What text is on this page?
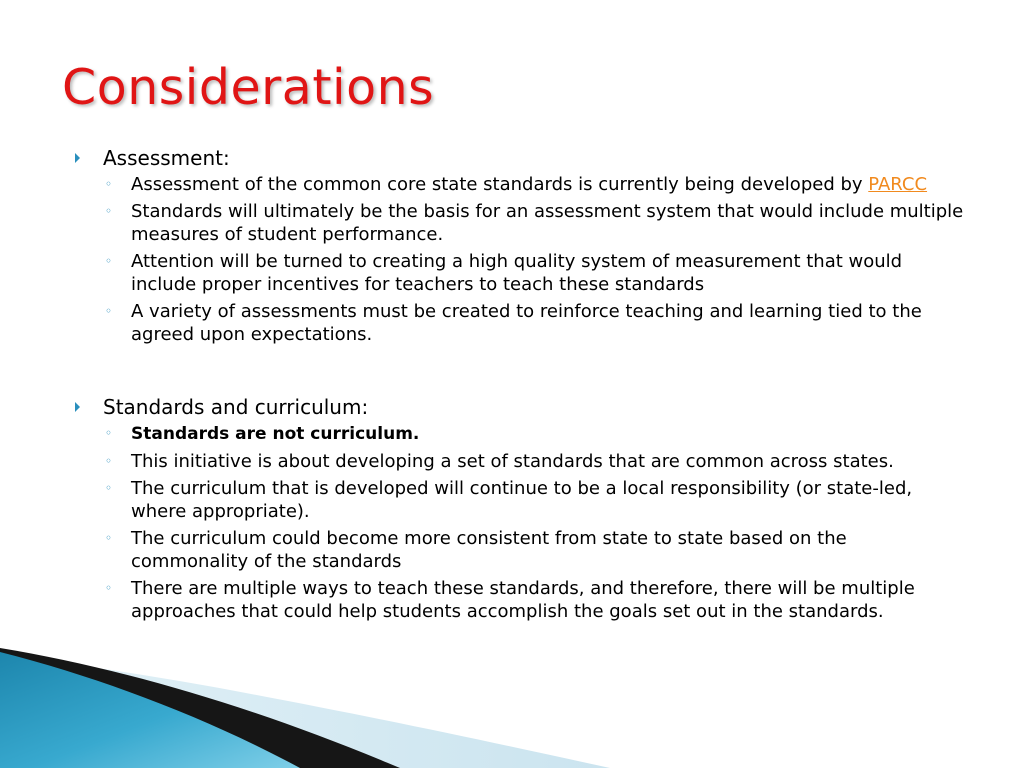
Considerations
Assessment:
◦ Assessment of the common core state standards is currently being developed by PARCC
◦ Standards will ultimately be the basis for an assessment system that would include multiple measures of student performance.
◦ Attention will be turned to creating a high quality system of measurement that would include proper incentives for teachers to teach these standards
◦ A variety of assessments must be created to reinforce teaching and learning tied to the agreed upon expectations.
Standards and curriculum:
◦ Standards are not curriculum.
◦ This initiative is about developing a set of standards that are common across states.
◦ The curriculum that is developed will continue to be a local responsibility (or state-led, where appropriate).
◦ The curriculum could become more consistent from state to state based on the commonality of the standards
◦ There are multiple ways to teach these standards, and therefore, there will be multiple approaches that could help students accomplish the goals set out in the standards.
